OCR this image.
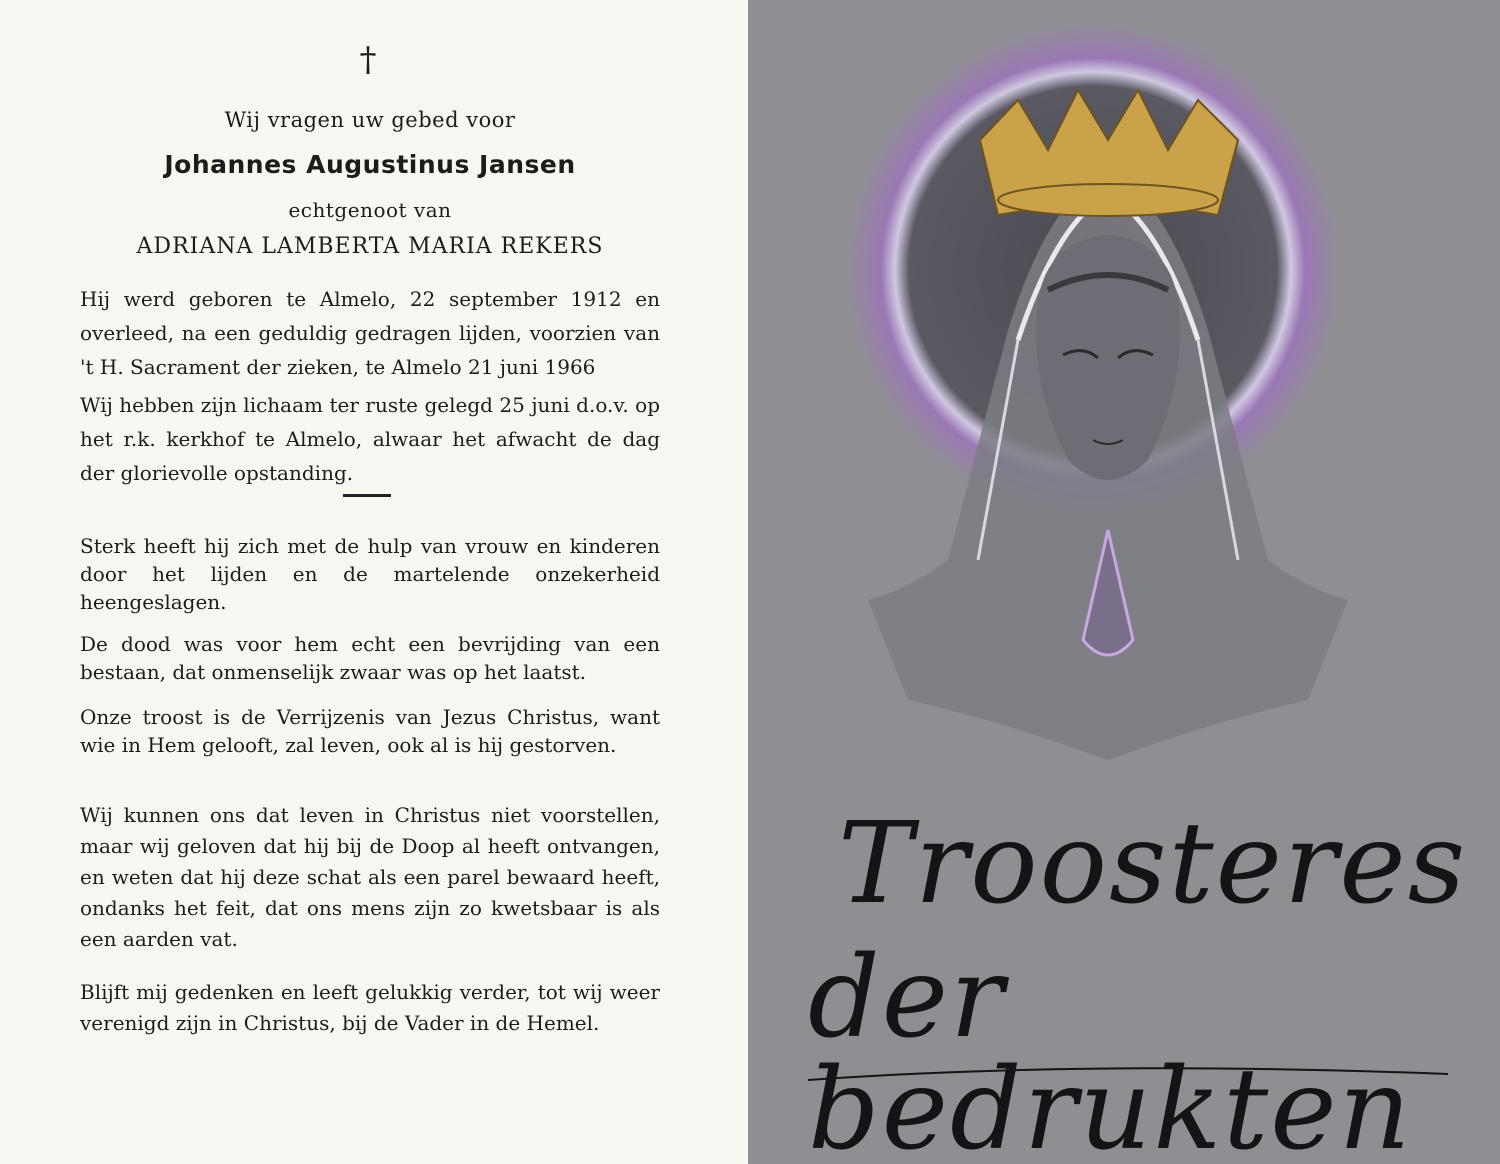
†
Wij vragen uw gebed voor
Johannes Augustinus Jansen
echtgenoot van
ADRIANA LAMBERTA MARIA REKERS
Hij werd geboren te Almelo, 22 september 1912 en overleed, na een geduldig gedragen lijden, voorzien van 't H. Sacrament der zieken, te Almelo 21 juni 1966
Wij hebben zijn lichaam ter ruste gelegd 25 juni d.o.v. op het r.k. kerkhof te Almelo, alwaar het afwacht de dag der glorievolle opstanding.
Sterk heeft hij zich met de hulp van vrouw en kinderen door het lijden en de martelende onzekerheid heengeslagen.
De dood was voor hem echt een bevrijding van een bestaan, dat onmenselijk zwaar was op het laatst.
Onze troost is de Verrijzenis van Jezus Christus, want wie in Hem gelooft, zal leven, ook al is hij gestorven.
Wij kunnen ons dat leven in Christus niet voorstellen, maar wij geloven dat hij bij de Doop al heeft ontvangen, en weten dat hij deze schat als een parel bewaard heeft, ondanks het feit, dat ons mens zijn zo kwetsbaar is als een aarden vat.
Blijft mij gedenken en leeft gelukkig verder, tot wij weer verenigd zijn in Christus, bij de Vader in de Hemel.
Troosteres
der bedrukten
